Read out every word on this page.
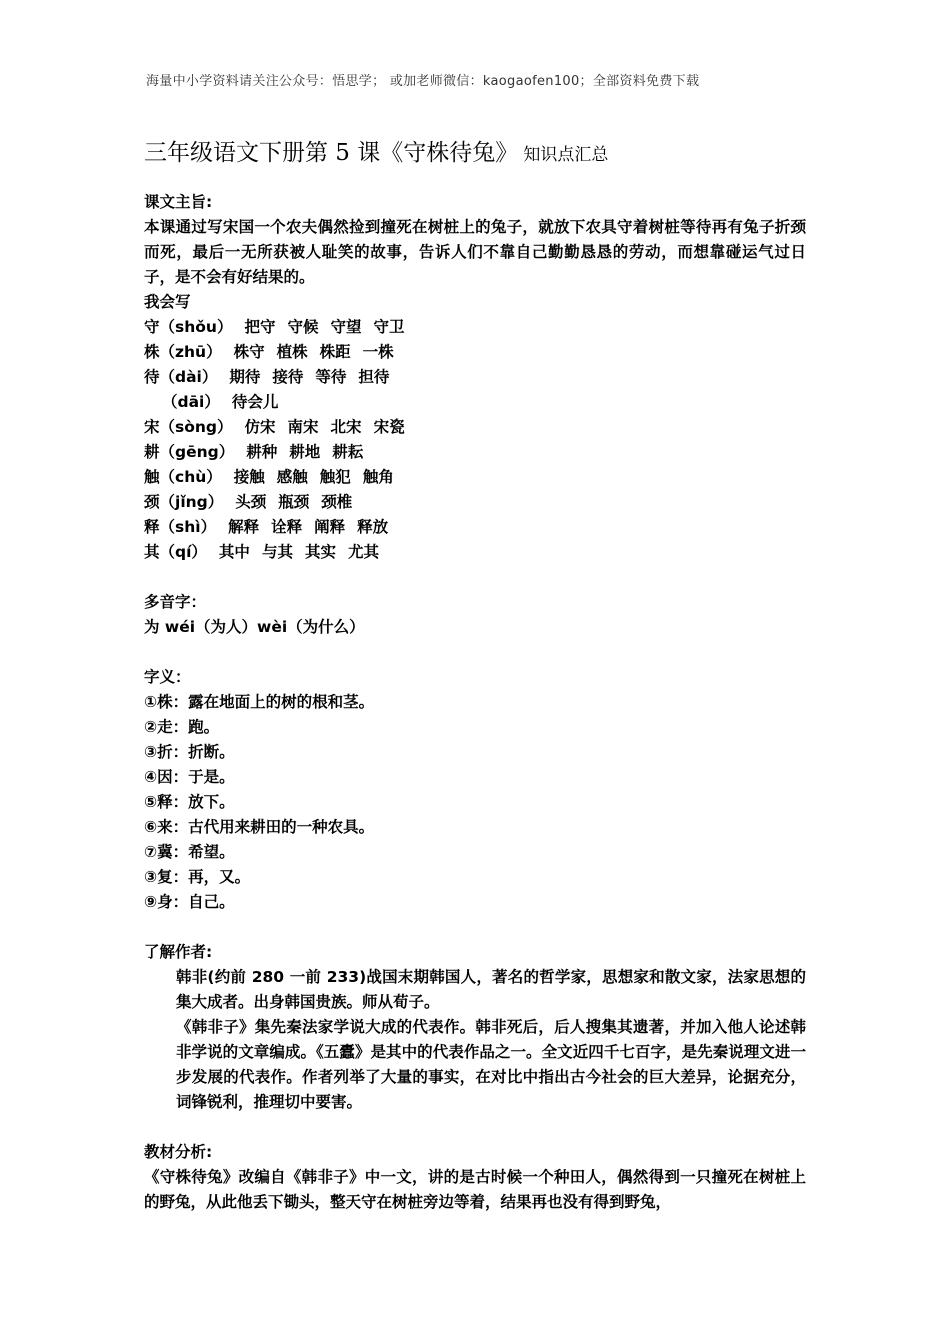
海量中小学资料请关注公众号：悟思学； 或加老师微信：kaogaofen100；全部资料免费下载
三年级语文下册第 5 课《守株待兔》 知识点汇总
课文主旨:
本课通过写宋国一个农夫偶然捡到撞死在树桩上的兔子，就放下农具守着树桩等待再有兔子折颈而死，最后一无所获被人耻笑的故事，告诉人们不靠自己勤勤恳恳的劳动，而想靠碰运气过日子，是不会有好结果的。
我会写
守（shǒu） 把守 守候 守望 守卫
株（zhū） 株守 植株 株距 一株
待（dài） 期待 接待 等待 担待
（dāi） 待会儿
宋（sòng） 仿宋 南宋 北宋 宋瓷
耕（gēng） 耕种 耕地 耕耘
触（chù） 接触 感触 触犯 触角
颈（jǐng） 头颈 瓶颈 颈椎
释（shì） 解释 诠释 阐释 释放
其（qí） 其中 与其 其实 尤其
多音字：
为 wéi（为人）wèi（为什么）
字义：
①株：露在地面上的树的根和茎。
②走：跑。
③折：折断。
④因：于是。
⑤释：放下。
⑥来：古代用来耕田的一种农具。
⑦冀：希望。
③复：再，又。
⑨身：自己。
了解作者:
韩非(约前 280 一前 233)战国末期韩国人，著名的哲学家，思想家和散文家，法家思想的集大成者。出身韩国贵族。师从荀子。
《韩非子》集先秦法家学说大成的代表作。韩非死后，后人搜集其遗著，并加入他人论述韩非学说的文章编成。《五蠹》是其中的代表作品之一。全文近四千七百字，是先秦说理文进一步发展的代表作。作者列举了大量的事实，在对比中指出古今社会的巨大差异，论据充分，词锋锐利，推理切中要害。
教材分析:
《守株待兔》改编自《韩非子》中一文，讲的是古时候一个种田人，偶然得到一只撞死在树桩上的野兔，从此他丢下锄头，整天守在树桩旁边等着，结果再也没有得到野兔，
